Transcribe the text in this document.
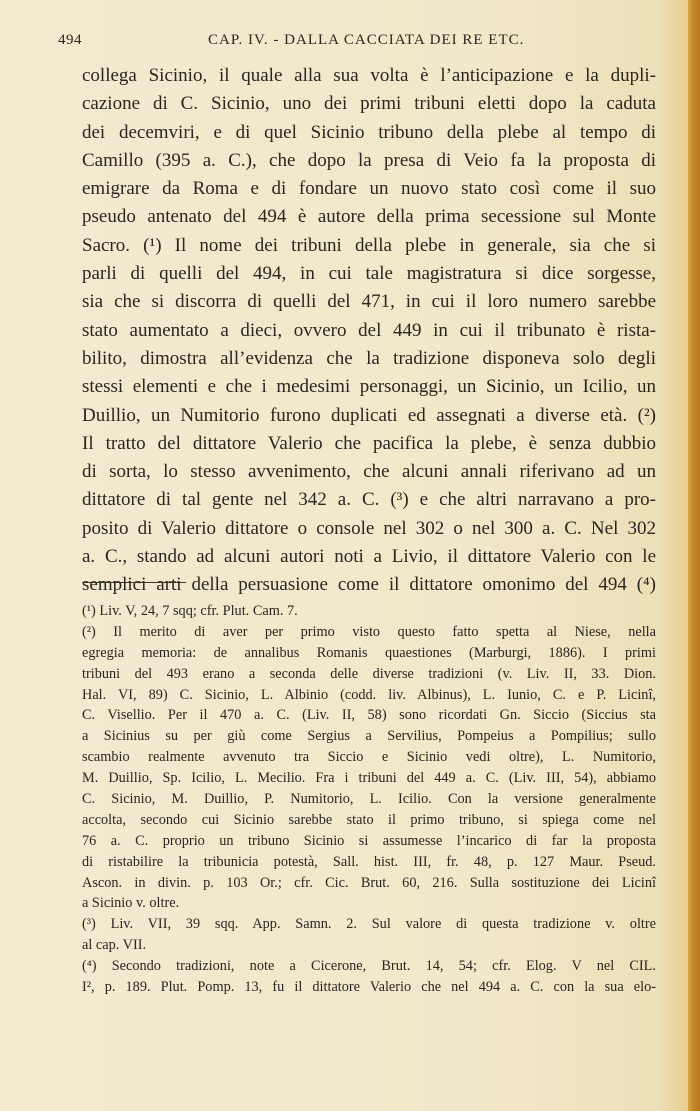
494	CAP. IV. - DALLA CACCIATA DEI RE ETC.
collega Sicinio, il quale alla sua volta è l’anticipazione e la dupli-
cazione di C. Sicinio, uno dei primi tribuni eletti dopo la caduta
dei decemviri, e di quel Sicinio tribuno della plebe al tempo di
Camillo (395 a. C.), che dopo la presa di Veio fa la proposta di
emigrare da Roma e di fondare un nuovo stato così come il suo
pseudo antenato del 494 è autore della prima secessione sul Monte
Sacro. (¹) Il nome dei tribuni della plebe in generale, sia che si
parli di quelli del 494, in cui tale magistratura si dice sorgesse,
sia che si discorra di quelli del 471, in cui il loro numero sarebbe
stato aumentato a dieci, ovvero del 449 in cui il tribunato è rista-
bilito, dimostra all’evidenza che la tradizione disponeva solo degli
stessi elementi e che i medesimi personaggi, un Sicinio, un Icilio, un
Duillio, un Numitorio furono duplicati ed assegnati a diverse età. (²)
Il tratto del dittatore Valerio che pacifica la plebe, è senza dubbio
di sorta, lo stesso avvenimento, che alcuni annali riferivano ad un
dittatore di tal gente nel 342 a. C. (³) e che altri narravano a pro-
posito di Valerio dittatore o console nel 302 o nel 300 a. C. Nel 302
a. C., stando ad alcuni autori noti a Livio, il dittatore Valerio con le
semplici arti della persuasione come il dittatore omonimo del 494 (⁴)
(¹) Liv. V, 24, 7 sqq; cfr. Plut. Cam. 7.
(²) Il merito di aver per primo visto questo fatto spetta al Niese, nella
egregia memoria: de annalibus Romanis quaestiones (Marburgi, 1886). I primi
tribuni del 493 erano a seconda delle diverse tradizioni (v. Liv. II, 33. Dion.
Hal. VI, 89) C. Sicinio, L. Albinio (codd. liv. Albinus), L. Iunio, C. e P. Licinî,
C. Visellio. Per il 470 a. C. (Liv. II, 58) sono ricordati Gn. Siccio (Siccius sta
a Sicinius su per giù come Sergius a Servilius, Pompeius a Pompilius; sullo
scambio realmente avvenuto tra Siccio e Sicinio vedi oltre), L. Numitorio,
M. Duillio, Sp. Icilio, L. Mecilio. Fra i tribuni del 449 a. C. (Liv. III, 54), abbiamo
C. Sicinio, M. Duillio, P. Numitorio, L. Icilio. Con la versione generalmente
accolta, secondo cui Sicinio sarebbe stato il primo tribuno, si spiega come nel
76 a. C. proprio un tribuno Sicinio si assumesse l’incarico di far la proposta
di ristabilire la tribunicia potestà, Sall. hist. III, fr. 48, p. 127 Maur. Pseud.
Ascon. in divin. p. 103 Or.; cfr. Cic. Brut. 60, 216. Sulla sostituzione dei Licinî
a Sicinio v. oltre.
(³) Liv. VII, 39 sqq. App. Samn. 2. Sul valore di questa tradizione v. oltre
al cap. VII.
(⁴) Secondo tradizioni, note a Cicerone, Brut. 14, 54; cfr. Elog. V nel CIL.
I², p. 189. Plut. Pomp. 13, fu il dittatore Valerio che nel 494 a. C. con la sua elo-
